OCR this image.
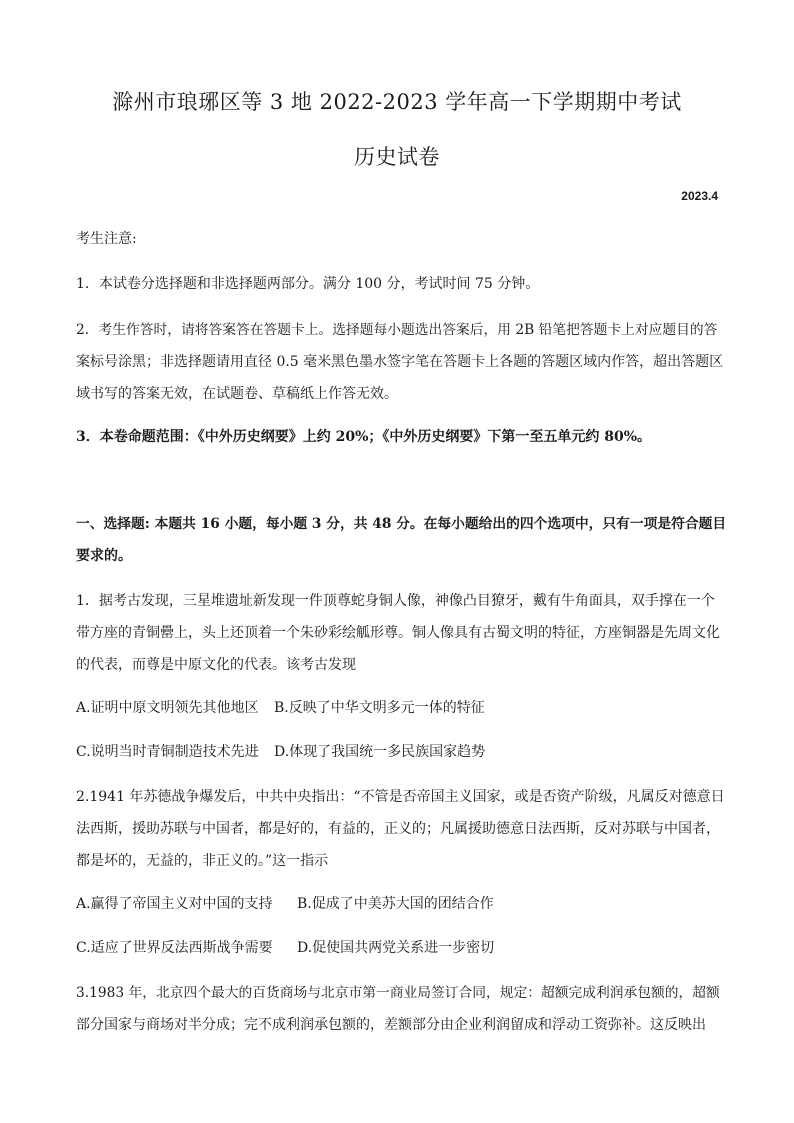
滁州市琅琊区等 3 地 2022-2023 学年高一下学期期中考试
历史试卷
2023.4
考生注意:
1．本试卷分选择题和非选择题两部分。满分 100 分，考试时间 75 分钟。
2．考生作答时，请将答案答在答题卡上。选择题每小题选出答案后，用 2B 铅笔把答题卡上对应题目的答
案标号涂黑；非选择题请用直径 0.5 毫米黑色墨水签字笔在答题卡上各题的答题区域内作答，超出答题区
域书写的答案无效，在试题卷、草稿纸上作答无效。
3．本卷命题范围：《中外历史纲要》上约 20%；《中外历史纲要》下第一至五单元约 80%。
一、选择题: 本题共 16 小题，每小题 3 分，共 48 分。在每小题给出的四个选项中，只有一项是符合题目
要求的。
1．据考古发现，三星堆遗址新发现一件顶尊蛇身铜人像，神像凸目獠牙，戴有牛角面具，双手撑在一个
带方座的青铜罍上，头上还顶着一个朱砂彩绘觚形尊。铜人像具有古蜀文明的特征，方座铜器是先周文化
的代表，而尊是中原文化的代表。该考古发现
A.证明中原文明领先其他地区 B.反映了中华文明多元一体的特征
C.说明当时青铜制造技术先进 D.体现了我国统一多民族国家趋势
2.1941 年苏德战争爆发后，中共中央指出：“不管是否帝国主义国家，或是否资产阶级，凡属反对德意日
法西斯，援助苏联与中国者，都是好的，有益的，正义的；凡属援助德意日法西斯，反对苏联与中国者，
都是坏的，无益的，非正义的。”这一指示
A.赢得了帝国主义对中国的支持 B.促成了中美苏大国的团结合作
C.适应了世界反法西斯战争需要 D.促使国共两党关系进一步密切
3.1983 年，北京四个最大的百货商场与北京市第一商业局签订合同，规定：超额完成利润承包额的，超额
部分国家与商场对半分成；完不成利润承包额的，差额部分由企业利润留成和浮动工资弥补。这反映出
